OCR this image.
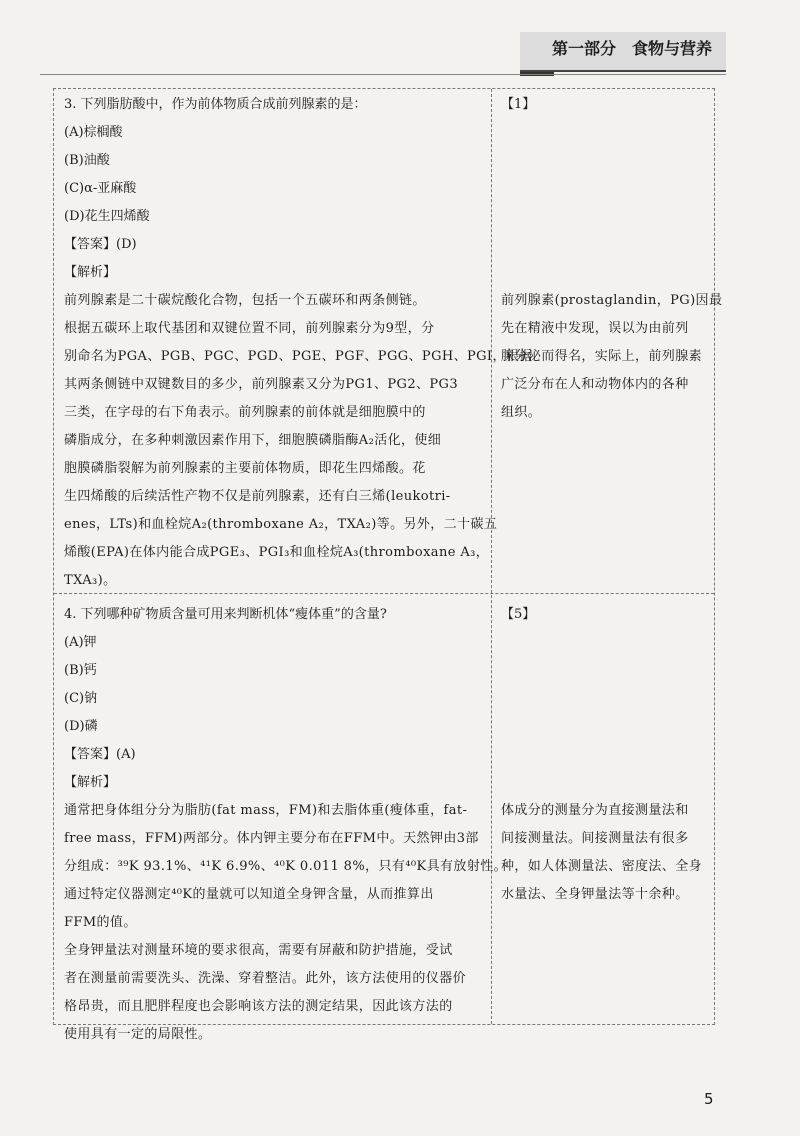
第一部分　食物与营养
3. 下列脂肪酸中，作为前体物质合成前列腺素的是：
(A)棕榈酸
(B)油酸
(C)α-亚麻酸
(D)花生四烯酸
【答案】(D)
【解析】
前列腺素是二十碳烷酸化合物，包括一个五碳环和两条侧链。
根据五碳环上取代基团和双键位置不同，前列腺素分为9型，分
别命名为PGA、PGB、PGC、PGD、PGE、PGF、PGG、PGH、PGI，根据
其两条侧链中双键数目的多少，前列腺素又分为PG1、PG2、PG3
三类，在字母的右下角表示。前列腺素的前体就是细胞膜中的
磷脂成分，在多种刺激因素作用下，细胞膜磷脂酶A₂活化，使细
胞膜磷脂裂解为前列腺素的主要前体物质，即花生四烯酸。花
生四烯酸的后续活性产物不仅是前列腺素，还有白三烯(leukotri-
enes，LTs)和血栓烷A₂(thromboxane A₂，TXA₂)等。另外，二十碳五
烯酸(EPA)在体内能合成PGE₃、PGI₃和血栓烷A₃(thromboxane A₃，
TXA₃)。
【1】
前列腺素(prostaglandin，PG)因最
先在精液中发现，误以为由前列
腺分泌而得名，实际上，前列腺素
广泛分布在人和动物体内的各种
组织。
4. 下列哪种矿物质含量可用来判断机体“瘦体重”的含量?
(A)钾
(B)钙
(C)钠
(D)磷
【答案】(A)
【解析】
通常把身体组分分为脂肪(fat mass，FM)和去脂体重(瘦体重，fat-
free mass，FFM)两部分。体内钾主要分布在FFM中。天然钾由3部
分组成：³⁹K 93.1%、⁴¹K 6.9%、⁴⁰K 0.011 8%，只有⁴⁰K具有放射性。
通过特定仪器测定⁴⁰K的量就可以知道全身钾含量，从而推算出
FFM的值。
全身钾量法对测量环境的要求很高，需要有屏蔽和防护措施，受试
者在测量前需要洗头、洗澡、穿着整洁。此外，该方法使用的仪器价
格昂贵，而且肥胖程度也会影响该方法的测定结果，因此该方法的
使用具有一定的局限性。
【5】
体成分的测量分为直接测量法和
间接测量法。间接测量法有很多
种，如人体测量法、密度法、全身
水量法、全身钾量法等十余种。
5
